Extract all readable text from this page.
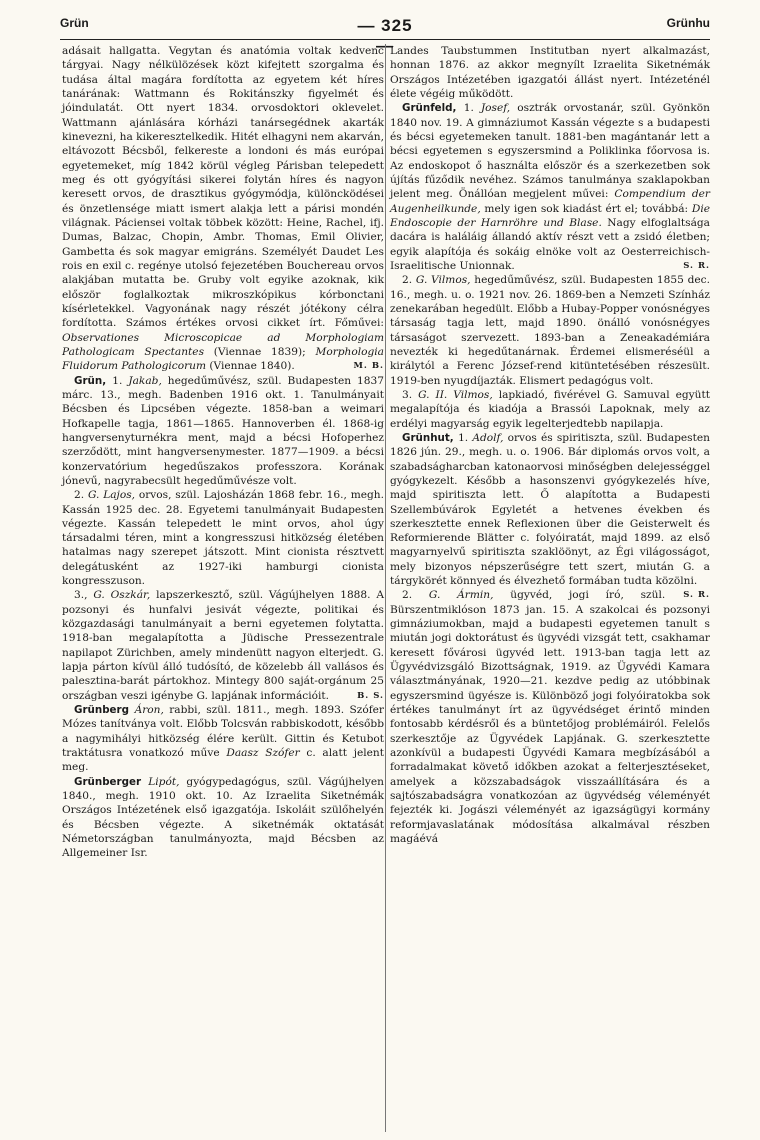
Grün	— 325 —
Grünhu

adásait hallgatta. Vegytan és anatómia voltak kedvenc tárgyai. Nagy nélkülözések közt kifejtett szorgalma és tudása által magára fordította az egyetem két híres tanárának: Wattmann és Rokitánszky figyelmét és jóindulatát. Ott nyert 1834. orvosdoktori oklevelet. Wattmann ajánlására kórházi tanársegédnek akarták kinevezni, ha kikeresztelkedik. Hitét elhagyni nem akarván, eltávozott Bécsből, felkereste a londoni és más európai egyetemeket, míg 1842 körül végleg Párisban telepedett meg és ott gyógyítási sikerei folytán híres és nagyon keresett orvos, de drasztikus gyógymódja, különcködései és önzetlensége miatt ismert alakja lett a párisi mondén világnak. Páciensei voltak többek között: Heine, Rachel, ifj. Dumas, Balzac, Chopin, Ambr. Thomas, Emil Olivier, Gambetta és sok magyar emigráns. Személyét Daudet Les rois en exil c. regénye utolsó fejezetében Bouchereau orvos alakjában mutatta be. Gruby volt egyike azoknak, kik először foglalkoztak mikroszkópikus kórbonctani kísérletekkel. Vagyonának nagy részét jótékony célra fordította. Számos értékes orvosi cikket írt. Főművei: Observationes Microscopicae ad Morphologiam Pathologicam Spectantes (Viennae 1839); Morphologia Fluidorum Pathologicorum (Viennae 1840).	M. B.

Grün, 1. Jakab, hegedűművész, szül. Budapesten 1837 márc. 13., megh. Badenben 1916 okt. 1. Tanulmányait Bécsben és Lipcsében végezte. 1858-ban a weimari Hofkapelle tagja, 1861—1865. Hannoverben él. 1868-ig hangversenyturnékra ment, majd a bécsi Hofoperhez szerződött, mint hangversenymester. 1877—1909. a bécsi konzervatórium hegedűszakos professzora. Korának jónevű, nagyrabecsült hegedűművésze volt.

2. G. Lajos, orvos, szül. Lajosházán 1868 febr. 16., megh. Kassán 1925 dec. 28. Egyetemi tanulmányait Budapesten végezte. Kassán telepedett le mint orvos, ahol úgy társadalmi téren, mint a kongresszusi hitközség életében hatalmas nagy szerepet játszott. Mint cionista résztvett delegátusként az 1927-iki hamburgi cionista kongresszuson.

3., G. Oszkár, lapszerkesztő, szül. Vágújhelyen 1888. A pozsonyi és hunfalvi jesivát végezte, politikai és közgazdasági tanulmányait a berni egyetemen folytatta. 1918-ban megalapította a Jüdische Pressezentrale napilapot Zürichben, amely mindenütt nagyon elterjedt. G. lapja párton kívül álló tudósító, de közelebb áll vallásos és palesztina-barát pártokhoz. Mintegy 800 saját-orgánum 25 országban veszi igénybe G. lapjának információit.	B. S.

Grünberg Áron, rabbi, szül. 1811., megh. 1893. Szófer Mózes tanítványa volt. Előbb Tolcsván rabbiskodott, később a nagymihályi hitközség élére került. Gittin és Ketubot traktátusra vonatkozó műve Daasz Szófer c. alatt jelent meg.

Grünberger Lipót, gyógypedagógus, szül. Vágújhelyen 1840., megh. 1910 okt. 10. Az Izraelita Siketnémák Országos Intézetének első igazgatója. Iskoláit szülőhelyén és Bécsben végezte. A siketnémák oktatását Németországban tanulmányozta, majd Bécsben az Allgemeiner Isr.

Landes Taubstummen Institutban nyert alkalmazást, honnan 1876. az akkor megnyílt Izraelita Siketnémák Országos Intézetében igazgatói állást nyert. Intézeténél élete végéig működött.

Grünfeld, 1. Josef, osztrák orvostanár, szül. Gyönkön 1840 nov. 19. A gimnáziumot Kassán végezte s a budapesti és bécsi egyetemeken tanult. 1881-ben magántanár lett a bécsi egyetemen s egyszersmind a Poliklinka főorvosa is. Az endoskopot ő használta először és a szerkezetben sok újítás fűződik nevéhez. Számos tanulmánya szaklapokban jelent meg. Önállóan megjelent művei: Compendium der Augenheilkunde, mely igen sok kiadást ért el; továbbá: Die Endoscopie der Harnröhre und Blase. Nagy elfoglaltsága dacára is haláláig állandó aktív részt vett a zsidó életben; egyik alapítója és sokáig elnöke volt az Oesterreichisch-Israelitische Unionnak.	S. R.

2. G. Vilmos, hegedűművész, szül. Budapesten 1855 dec. 16., megh. u. o. 1921 nov. 26. 1869-ben a Nemzeti Színház zenekarában hegedült. Előbb a Hubay-Popper vonósnégyes társaság tagja lett, majd 1890. önálló vonósnégyes társaságot szervezett. 1893-ban a Zeneakadémiára nevezték ki hegedűtanárnak. Érdemei elismeréséül a királytól a Ferenc József-rend kitüntetésében részesült. 1919-ben nyugdíjazták. Elismert pedagógus volt.

3. G. II. Vilmos, lapkiadó, fivérével G. Samuval együtt megalapítója és kiadója a Brassói Lapoknak, mely az erdélyi magyarság egyik legelterjedtebb napilapja.

Grünhut, 1. Adolf, orvos és spiritiszta, szül. Budapesten 1826 jún. 29., megh. u. o. 1906. Bár diplomás orvos volt, a szabadságharcban katonaorvosi minőségben delejességgel gyógykezelt. Később a hasonszenvi gyógykezelés híve, majd spiritiszta lett. Ő alapította a Budapesti Szellembúvárok Egyletét a hetvenes években és szerkesztette ennek Reflexionen über die Geisterwelt és Reformierende Blätter c. folyóiratát, majd 1899. az első magyarnyelvű spiritiszta szaklöönyt, az Égi világosságot, mely bizonyos népszerűségre tett szert, miután G. a tárgykörét könnyed és élvezhető formában tudta közölni.
S. R.

2. G. Ármin, ügyvéd, jogi író, szül. Bürszentmiklóson 1873 jan. 15. A szakolcai és pozsonyi gimnáziumokban, majd a budapesti egyetemen tanult s miután jogi doktorátust és ügyvédi vizsgát tett, csakhamar keresett fővárosi ügyvéd lett. 1913-ban tagja lett az Ügyvédvizsgáló Bizottságnak, 1919. az Ügyvédi Kamara választmányának, 1920—21. kezdve pedig az utóbbinak egyszersmind ügyésze is. Különböző jogi folyóiratokba sok értékes tanulmányt írt az ügyvédséget érintő minden fontosabb kérdésről és a büntetőjog problémáiról. Felelős szerkesztője az Ügyvédek Lapjának. G. szerkesztette azonkívül a budapesti Ügyvédi Kamara megbízásából a forradalmakat követő időkben azokat a felterjesztéseket, amelyek a közszabadságok visszaállítására és a sajtószabadságra vonatkozóan az ügyvédség véleményét fejezték ki. Jogászi véleményét az igazságügyi kormány reformjavaslatának módosítása alkalmával részben magáévá
